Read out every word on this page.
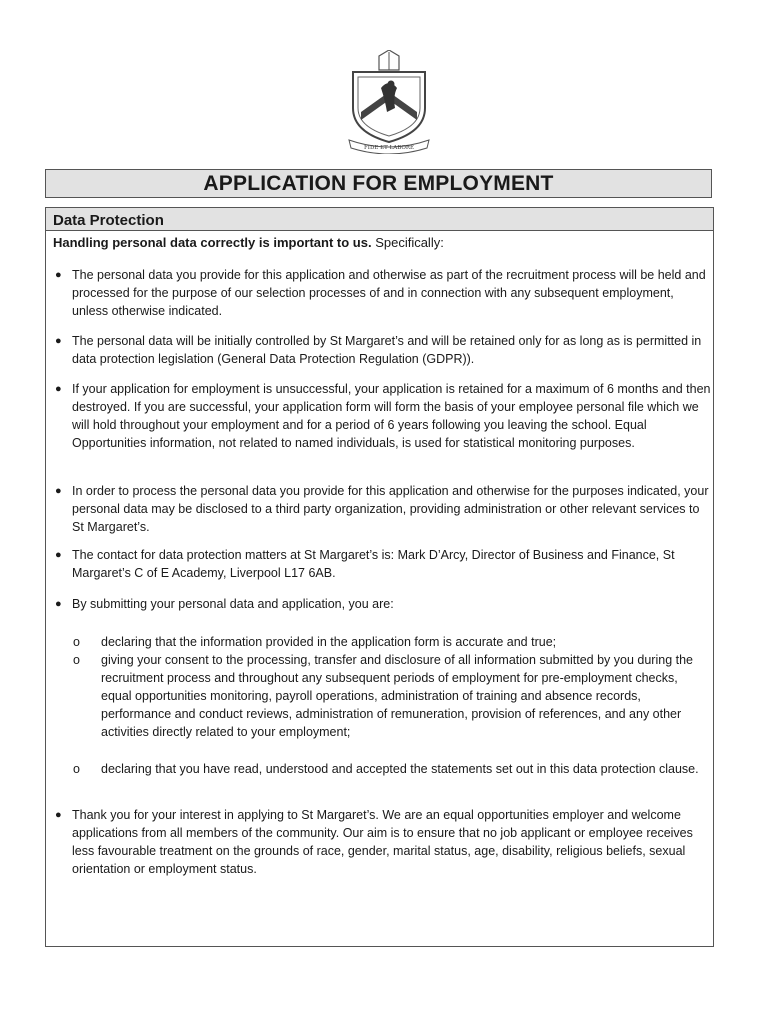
FIDE ET LABORE
APPLICATION FOR EMPLOYMENT
Data Protection
Handling personal data correctly is important to us. Specifically:
● The personal data you provide for this application and otherwise as part of the recruitment process will be held and processed for the purpose of our selection processes of and in connection with any subsequent employment, unless otherwise indicated.
● The personal data will be initially controlled by St Margaret’s and will be retained only for as long as is permitted in data protection legislation (General Data Protection Regulation (GDPR)).
● If your application for employment is unsuccessful, your application is retained for a maximum of 6 months and then destroyed. If you are successful, your application form will form the basis of your employee personal file which we will hold throughout your employment and for a period of 6 years following you leaving the school. Equal Opportunities information, not related to named individuals, is used for statistical monitoring purposes.
● In order to process the personal data you provide for this application and otherwise for the purposes indicated, your personal data may be disclosed to a third party organization, providing administration or other relevant services to St Margaret’s.
● The contact for data protection matters at St Margaret’s is: Mark D’Arcy, Director of Business and Finance, St Margaret’s C of E Academy, Liverpool L17 6AB.
● By submitting your personal data and application, you are:
o declaring that the information provided in the application form is accurate and true;
o giving your consent to the processing, transfer and disclosure of all information submitted by you during the recruitment process and throughout any subsequent periods of employment for pre-employment checks, equal opportunities monitoring, payroll operations, administration of training and absence records, performance and conduct reviews, administration of remuneration, provision of references, and any other activities directly related to your employment;
o declaring that you have read, understood and accepted the statements set out in this data protection clause.
● Thank you for your interest in applying to St Margaret’s. We are an equal opportunities employer and welcome applications from all members of the community. Our aim is to ensure that no job applicant or employee receives less favourable treatment on the grounds of race, gender, marital status, age, disability, religious beliefs, sexual orientation or employment status.
